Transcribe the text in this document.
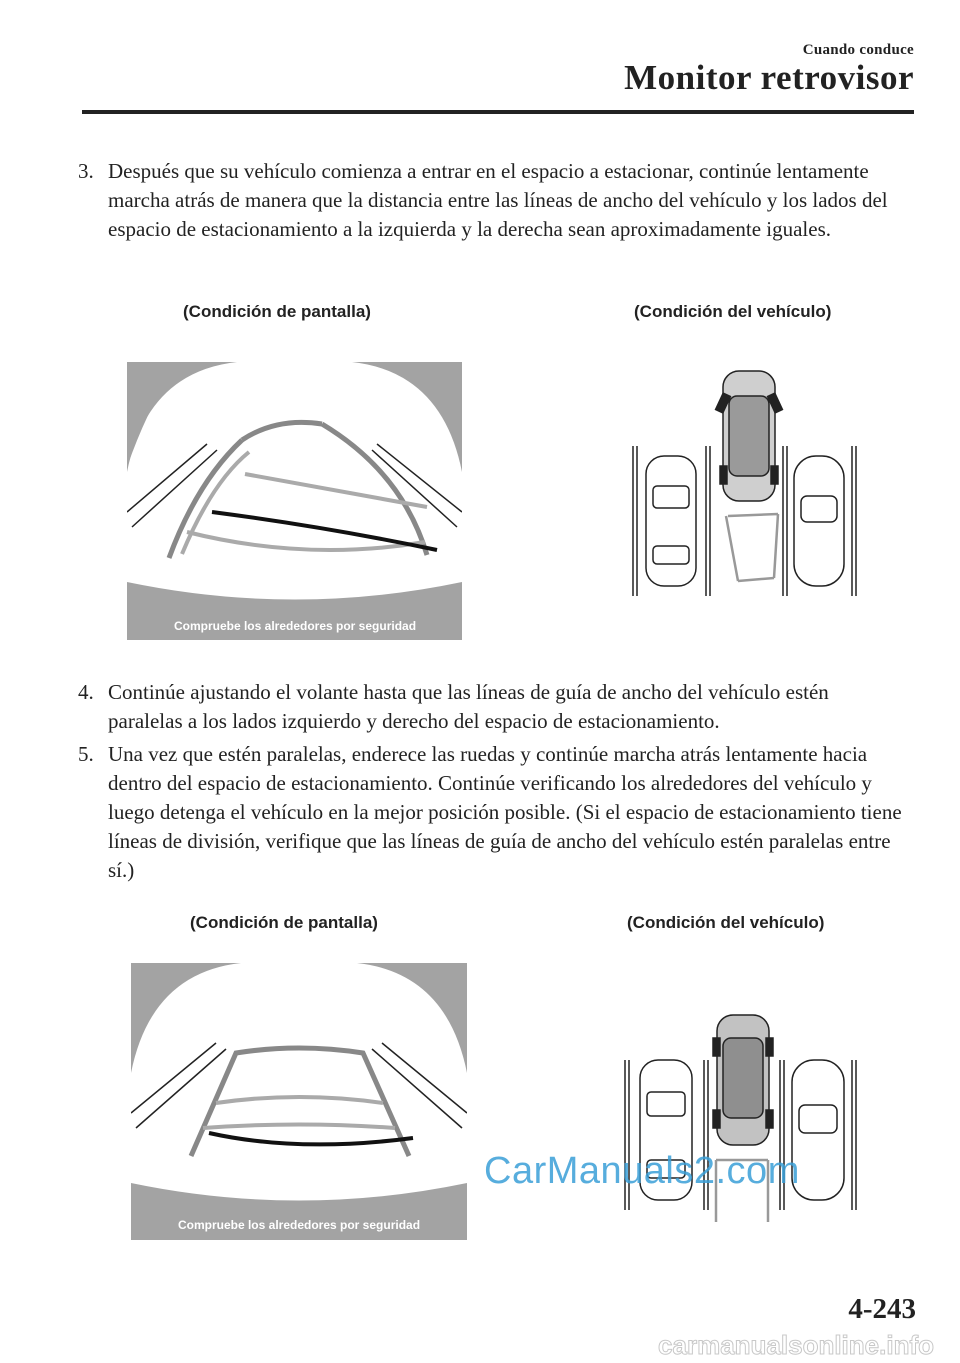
Cuando conduce
Monitor retrovisor
3. Después que su vehículo comienza a entrar en el espacio a estacionar, continúe lentamente marcha atrás de manera que la distancia entre las líneas de ancho del vehículo y los lados del espacio de estacionamiento a la izquierda y la derecha sean aproximadamente iguales.
(Condición de pantalla)	(Condición del vehículo)
Compruebe los alrededores por seguridad
4. Continúe ajustando el volante hasta que las líneas de guía de ancho del vehículo estén paralelas a los lados izquierdo y derecho del espacio de estacionamiento.
5. Una vez que estén paralelas, enderece las ruedas y continúe marcha atrás lentamente hacia dentro del espacio de estacionamiento. Continúe verificando los alrededores del vehículo y luego detenga el vehículo en la mejor posición posible. (Si el espacio de estacionamiento tiene líneas de división, verifique que las líneas de guía de ancho del vehículo estén paralelas entre sí.)
(Condición de pantalla)	(Condición del vehículo)
Compruebe los alrededores por seguridad
CarManuals2.com
4-243
carmanualsonline.info
